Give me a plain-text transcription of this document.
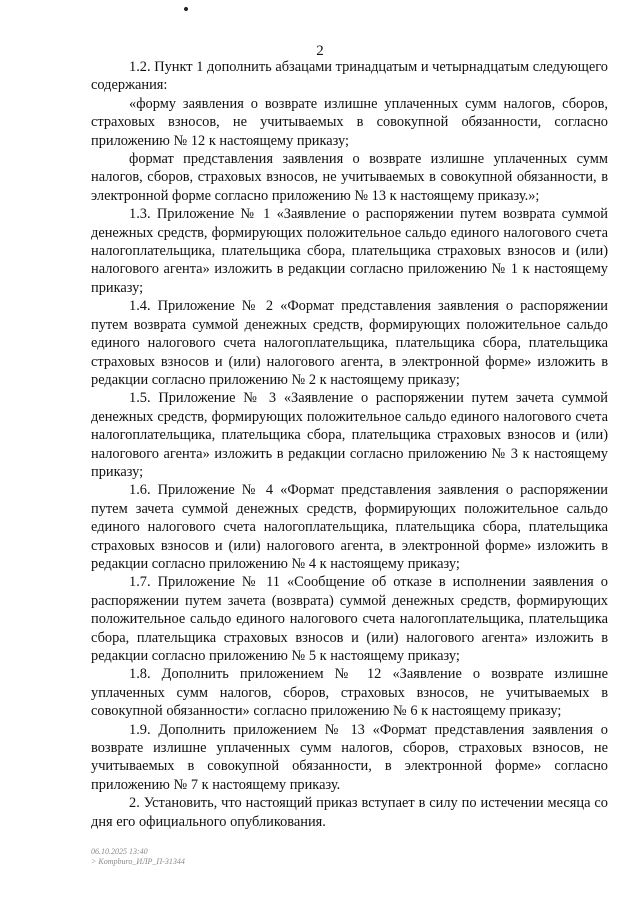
2

1.2. Пункт 1 дополнить абзацами тринадцатым и четырнадцатым следующего содержания:

«форму заявления о возврате излишне уплаченных сумм налогов, сборов, страховых взносов, не учитываемых в совокупной обязанности, согласно приложению № 12 к настоящему приказу;

формат представления заявления о возврате излишне уплаченных сумм налогов, сборов, страховых взносов, не учитываемых в совокупной обязанности, в электронной форме согласно приложению № 13 к настоящему приказу.»;

1.3. Приложение № 1 «Заявление о распоряжении путем возврата суммой денежных средств, формирующих положительное сальдо единого налогового счета налогоплательщика, плательщика сбора, плательщика страховых взносов и (или) налогового агента» изложить в редакции согласно приложению № 1 к настоящему приказу;

1.4. Приложение № 2 «Формат представления заявления о распоряжении путем возврата суммой денежных средств, формирующих положительное сальдо единого налогового счета налогоплательщика, плательщика сбора, плательщика страховых взносов и (или) налогового агента, в электронной форме» изложить в редакции согласно приложению № 2 к настоящему приказу;

1.5. Приложение № 3 «Заявление о распоряжении путем зачета суммой денежных средств, формирующих положительное сальдо единого налогового счета налогоплательщика, плательщика сбора, плательщика страховых взносов и (или) налогового агента» изложить в редакции согласно приложению № 3 к настоящему приказу;

1.6. Приложение № 4 «Формат представления заявления о распоряжении путем зачета суммой денежных средств, формирующих положительное сальдо единого налогового счета налогоплательщика, плательщика сбора, плательщика страховых взносов и (или) налогового агента, в электронной форме» изложить в редакции согласно приложению № 4 к настоящему приказу;

1.7. Приложение № 11 «Сообщение об отказе в исполнении заявления о распоряжении путем зачета (возврата) суммой денежных средств, формирующих положительное сальдо единого налогового счета налогоплательщика, плательщика сбора, плательщика страховых взносов и (или) налогового агента» изложить в редакции согласно приложению № 5 к настоящему приказу;

1.8. Дополнить приложением № 12 «Заявление о возврате излишне уплаченных сумм налогов, сборов, страховых взносов, не учитываемых в совокупной обязанности» согласно приложению № 6 к настоящему приказу;

1.9. Дополнить приложением № 13 «Формат представления заявления о возврате излишне уплаченных сумм налогов, сборов, страховых взносов, не учитываемых в совокупной обязанности, в электронной форме» согласно приложению № 7 к настоящему приказу.

2. Установить, что настоящий приказ вступает в силу по истечении месяца со дня его официального опубликования.

06.10.2025 13:40
> Kompburo_ИЛР_П-31344
